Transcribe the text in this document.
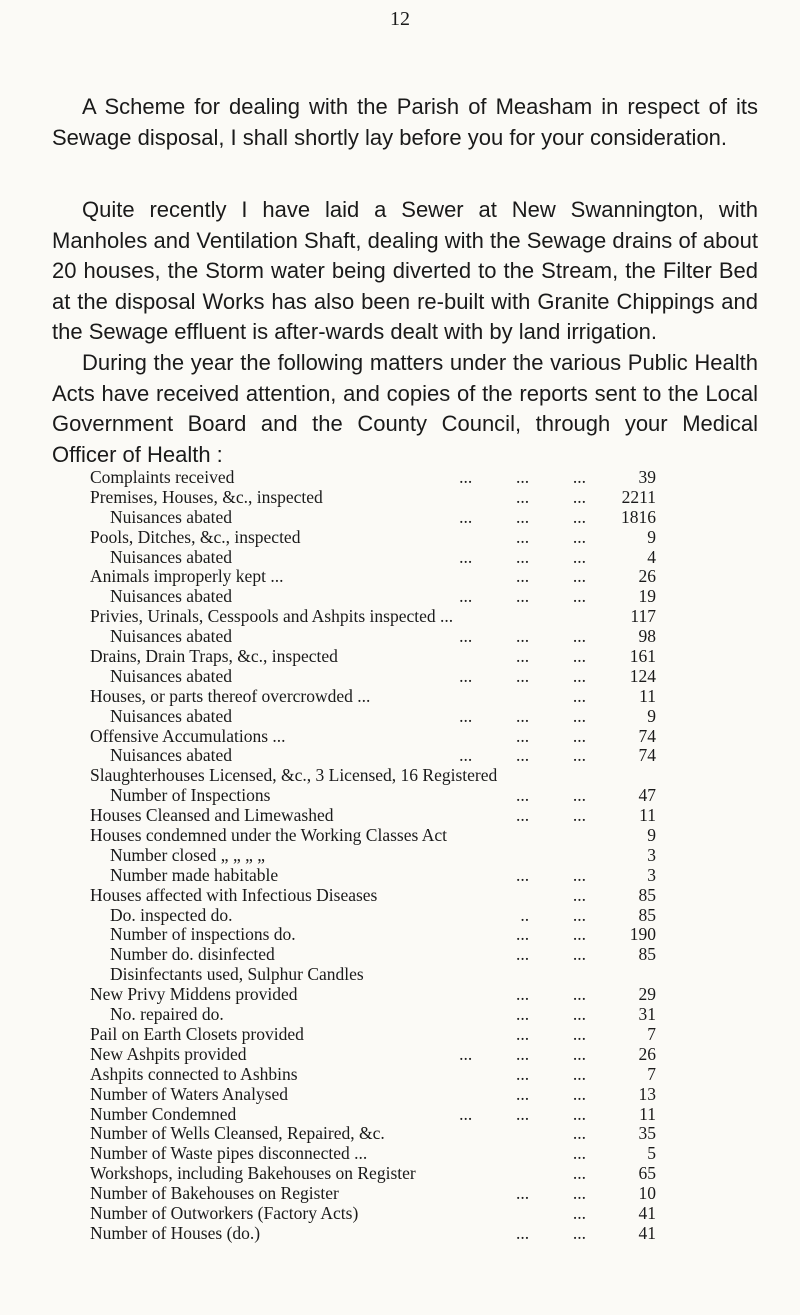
12

A Scheme for dealing with the Parish of Measham in respect of its Sewage disposal, I shall shortly lay before you for your consideration.

Quite recently I have laid a Sewer at New Swannington, with Manholes and Ventilation Shaft, dealing with the Sewage drains of about 20 houses, the Storm water being diverted to the Stream, the Filter Bed at the disposal Works has also been re-built with Granite Chippings and the Sewage effluent is after-wards dealt with by land irrigation.

During the year the following matters under the various Public Health Acts have received attention, and copies of the reports sent to the Local Government Board and the County Council, through your Medical Officer of Health :

Complaints received	...          ...          ...	39
Premises, Houses, &c., inspected	...          ... 2211
Nuisances abated	...          ...          ... 1816
Pools, Ditches, &c., inspected	...          ...	9
Nuisances abated	...          ...          ...	4
Animals improperly kept ...	...          ...	26
Nuisances abated	...          ...          ...	19
Privies, Urinals, Cesspools and Ashpits inspected ...	117
Nuisances abated	...          ...          ...	98
Drains, Drain Traps, &c., inspected	...          ...	161
Nuisances abated	...          ...          ...	124
Houses, or parts thereof overcrowded ...	...	11
Nuisances abated	...          ...          ...	9
Offensive Accumulations ...	...          ...	74
Nuisances abated	...          ...          ...	74
Slaughterhouses Licensed, &c., 3 Licensed, 16 Registered
Number of Inspections	...          ...	47
Houses Cleansed and Limewashed	...          ...	11
Houses condemned under the Working Classes Act	9
Number closed „ „ „ „	3
Number made habitable	...          ...	3
Houses affected with Infectious Diseases	...	85
Do. inspected do.	..          ...	85
Number of inspections do.	...          ...	190
Number do. disinfected	...          ...	85
Disinfectants used, Sulphur Candles
New Privy Middens provided	...          ...	29
No. repaired do.	...          ...	31
Pail on Earth Closets provided	...          ...	7
New Ashpits provided	...          ...          ...	26
Ashpits connected to Ashbins	...          ...	7
Number of Waters Analysed	...          ...	13
Number Condemned	...          ...          ...	11
Number of Wells Cleansed, Repaired, &c.	...	35
Number of Waste pipes disconnected ...	...	5
Workshops, including Bakehouses on Register	...	65
Number of Bakehouses on Register	...          ...	10
Number of Outworkers (Factory Acts)	...	41
Number of Houses (do.)	...          ...	41
